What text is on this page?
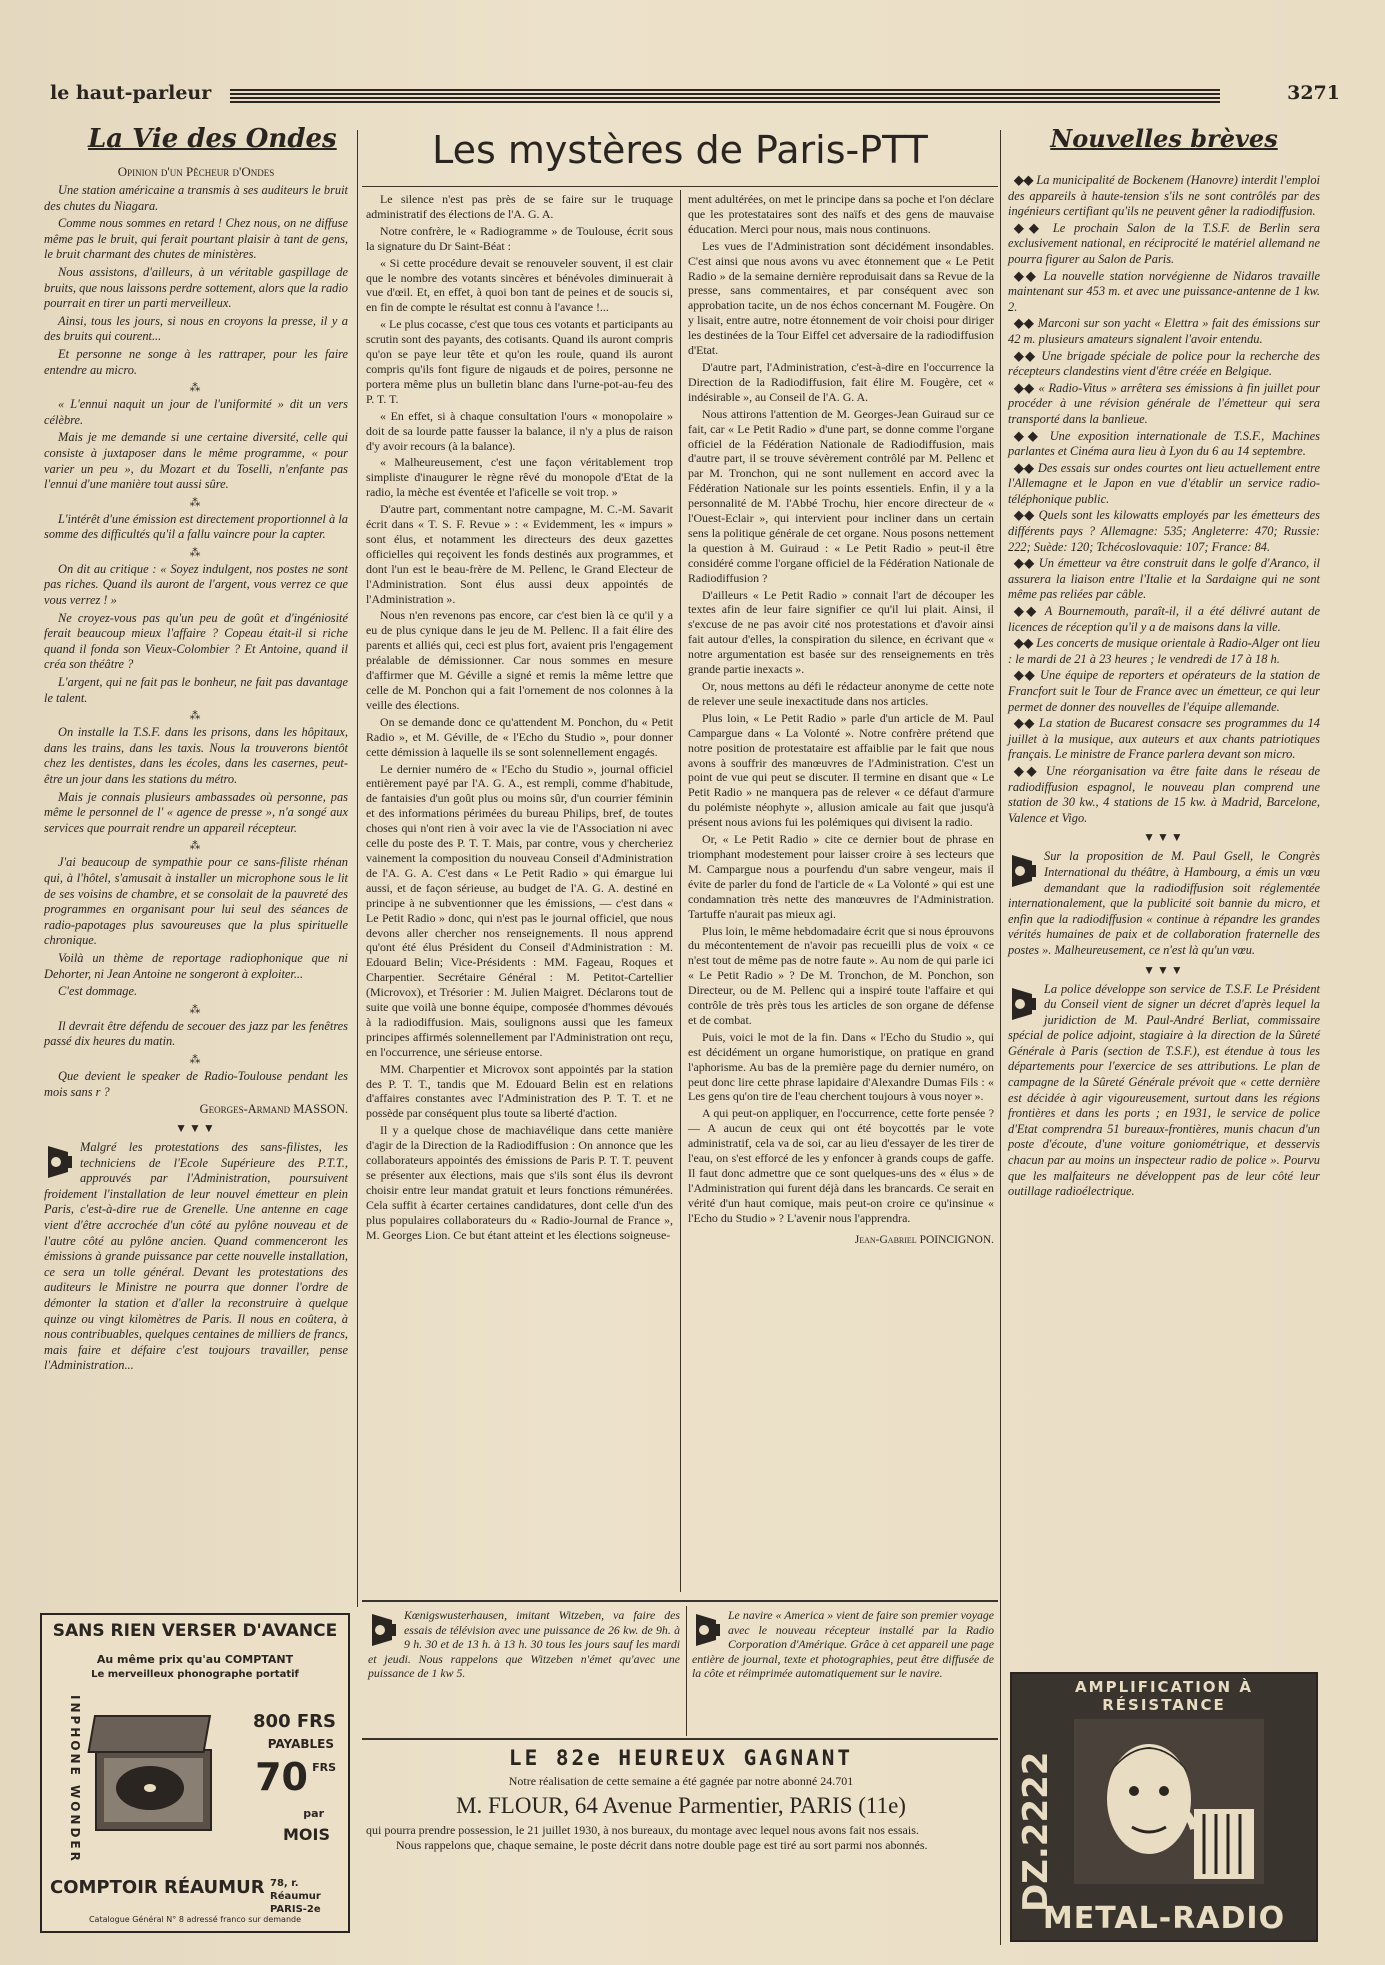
le haut-parleur	3271
La Vie des Ondes
Opinion d'un Pêcheur d'Ondes

Une station américaine a transmis à ses auditeurs le bruit des chutes du Niagara.

Comme nous sommes en retard ! Chez nous, on ne diffuse même pas le bruit, qui ferait pourtant plaisir à tant de gens, le bruit charmant des chutes de ministères.

Nous assistons, d'ailleurs, à un véritable gaspillage de bruits, que nous laissons perdre sottement, alors que la radio pourrait en tirer un parti merveilleux.

Ainsi, tous les jours, si nous en croyons la presse, il y a des bruits qui courent...

Et personne ne songe à les rattraper, pour les faire entendre au micro.

⁂

« L'ennui naquit un jour de l'uniformité » dit un vers célèbre.

Mais je me demande si une certaine diversité, celle qui consiste à juxtaposer dans le même programme, « pour varier un peu », du Mozart et du Toselli, n'enfante pas l'ennui d'une manière tout aussi sûre.

⁂

L'intérêt d'une émission est directement proportionnel à la somme des difficultés qu'il a fallu vaincre pour la capter.

⁂

On dit au critique : « Soyez indulgent, nos postes ne sont pas riches. Quand ils auront de l'argent, vous verrez ce que vous verrez ! »

Ne croyez-vous pas qu'un peu de goût et d'ingéniosité ferait beaucoup mieux l'affaire ? Copeau était-il si riche quand il fonda son Vieux-Colombier ? Et Antoine, quand il créa son théâtre ?

L'argent, qui ne fait pas le bonheur, ne fait pas davantage le talent.

⁂

On installe la T.S.F. dans les prisons, dans les hôpitaux, dans les trains, dans les taxis. Nous la trouverons bientôt chez les dentistes, dans les écoles, dans les casernes, peut-être un jour dans les stations du métro.

Mais je connais plusieurs ambassades où personne, pas même le personnel de l' « agence de presse », n'a songé aux services que pourrait rendre un appareil récepteur.

⁂

J'ai beaucoup de sympathie pour ce sans-filiste rhénan qui, à l'hôtel, s'amusait à installer un microphone sous le lit de ses voisins de chambre, et se consolait de la pauvreté des programmes en organisant pour lui seul des séances de radio-papotages plus savoureuses que la plus spirituelle chronique.

Voilà un thème de reportage radiophonique que ni Dehorter, ni Jean Antoine ne songeront à exploiter...

C'est dommage.

⁂

Il devrait être défendu de secouer des jazz par les fenêtres passé dix heures du matin.

⁂

Que devient le speaker de Radio-Toulouse pendant les mois sans r ?

Georges-Armand MASSON.
▼▼▼

Malgré les protestations des sans-filistes, les techniciens de l'Ecole Supérieure des P.T.T., approuvés par l'Administration, poursuivent froidement l'installation de leur nouvel émetteur en plein Paris, c'est-à-dire rue de Grenelle. Une antenne en cage vient d'être accrochée d'un côté au pylône nouveau et de l'autre côté au pylône ancien. Quand commenceront les émissions à grande puissance par cette nouvelle installation, ce sera un tolle général. Devant les protestations des auditeurs le Ministre ne pourra que donner l'ordre de démonter la station et d'aller la reconstruire à quelque quinze ou vingt kilomètres de Paris. Il nous en coûtera, à nous contribuables, quelques centaines de milliers de francs, mais faire et défaire c'est toujours travailler, pense l'Administration...

SANS RIEN VERSER D'AVANCE
Au même prix qu'au COMPTANT
Le merveilleux phonographe portatif
INPHONE WONDER	800 FRS
PAYABLES
70 FRS
par
MOIS
COMPTOIR RÉAUMUR 78, r. Réaumur PARIS-2e
Catalogue Général N° 8 adressé franco sur demande
Les mystères de Paris-PTT

Le silence n'est pas près de se faire sur le truquage administratif des élections de l'A. G. A.

Notre confrère, le « Radiogramme » de Toulouse, écrit sous la signature du Dr Saint-Béat :

« Si cette procédure devait se renouveler souvent, il est clair que le nombre des votants sincères et bénévoles diminuerait à vue d'œil. Et, en effet, à quoi bon tant de peines et de soucis si, en fin de compte le résultat est connu à l'avance !...

« Le plus cocasse, c'est que tous ces votants et participants au scrutin sont des payants, des cotisants. Quand ils auront compris qu'on se paye leur tête et qu'on les roule, quand ils auront compris qu'ils font figure de nigauds et de poires, personne ne portera même plus un bulletin blanc dans l'urne-pot-au-feu des P. T. T.

« En effet, si à chaque consultation l'ours « monopolaire » doit de sa lourde patte fausser la balance, il n'y a plus de raison d'y avoir recours (à la balance).

« Malheureusement, c'est une façon véritablement trop simpliste d'inaugurer le règne rêvé du monopole d'Etat de la radio, la mèche est éventée et l'aficelle se voit trop. »

D'autre part, commentant notre campagne, M. C.-M. Savarit écrit dans « T. S. F. Revue » : « Evidemment, les « impurs » sont élus, et notamment les directeurs des deux gazettes officielles qui reçoivent les fonds destinés aux programmes, et dont l'un est le beau-frère de M. Pellenc, le Grand Electeur de l'Administration. Sont élus aussi deux appointés de l'Administration ».

Nous n'en revenons pas encore, car c'est bien là ce qu'il y a eu de plus cynique dans le jeu de M. Pellenc. Il a fait élire des parents et alliés qui, ceci est plus fort, avaient pris l'engagement préalable de démissionner. Car nous sommes en mesure d'affirmer que M. Géville a signé et remis la même lettre que celle de M. Ponchon qui a fait l'ornement de nos colonnes à la veille des élections.

On se demande donc ce qu'attendent M. Ponchon, du « Petit Radio », et M. Géville, de « l'Echo du Studio », pour donner cette démission à laquelle ils se sont solennellement engagés.

Le dernier numéro de « l'Echo du Studio », journal officiel entièrement payé par l'A. G. A., est rempli, comme d'habitude, de fantaisies d'un goût plus ou moins sûr, d'un courrier féminin et des informations périmées du bureau Philips, bref, de toutes choses qui n'ont rien à voir avec la vie de l'Association ni avec celle du poste des P. T. T. Mais, par contre, vous y chercheriez vainement la composition du nouveau Conseil d'Administration de l'A. G. A. C'est dans « Le Petit Radio » qui émargue lui aussi, et de façon sérieuse, au budget de l'A. G. A. destiné en principe à ne subventionner que les émissions, — c'est dans « Le Petit Radio » donc, qui n'est pas le journal officiel, que nous devons aller chercher nos renseignements. Il nous apprend qu'ont été élus Président du Conseil d'Administration : M. Edouard Belin; Vice-Présidents : MM. Fageau, Roques et Charpentier. Secrétaire Général : M. Petitot-Cartellier (Microvox), et Trésorier : M. Julien Maigret. Déclarons tout de suite que voilà une bonne équipe, composée d'hommes dévoués à la radiodiffusion. Mais, soulignons aussi que les fameux principes affirmés solennellement par l'Administration ont reçu, en l'occurrence, une sérieuse entorse.

MM. Charpentier et Microvox sont appointés par la station des P. T. T., tandis que M. Edouard Belin est en relations d'affaires constantes avec l'Administration des P. T. T. et ne possède par conséquent plus toute sa liberté d'action.

Il y a quelque chose de machiavélique dans cette manière d'agir de la Direction de la Radiodiffusion : On annonce que les collaborateurs appointés des émissions de Paris P. T. T. peuvent se présenter aux élections, mais que s'ils sont élus ils devront choisir entre leur mandat gratuit et leurs fonctions rémunérées. Cela suffit à écarter certaines candidatures, dont celle d'un des plus populaires collaborateurs du « Radio-Journal de France », M. Georges Lion. Ce but étant atteint et les élections soigneuse-

ment adultérées, on met le principe dans sa poche et l'on déclare que les protestataires sont des naïfs et des gens de mauvaise éducation. Merci pour nous, mais nous continuons.

Les vues de l'Administration sont décidément insondables. C'est ainsi que nous avons vu avec étonnement que « Le Petit Radio » de la semaine dernière reproduisait dans sa Revue de la presse, sans commentaires, et par conséquent avec son approbation tacite, un de nos échos concernant M. Fougère. On y lisait, entre autre, notre étonnement de voir choisi pour diriger les destinées de la Tour Eiffel cet adversaire de la radiodiffusion d'Etat.

D'autre part, l'Administration, c'est-à-dire en l'occurrence la Direction de la Radiodiffusion, fait élire M. Fougère, cet « indésirable », au Conseil de l'A. G. A.

Nous attirons l'attention de M. Georges-Jean Guiraud sur ce fait, car « Le Petit Radio » d'une part, se donne comme l'organe officiel de la Fédération Nationale de Radiodiffusion, mais d'autre part, il se trouve sévèrement contrôlé par M. Pellenc et par M. Tronchon, qui ne sont nullement en accord avec la Fédération Nationale sur les points essentiels. Enfin, il y a la personnalité de M. l'Abbé Trochu, hier encore directeur de « l'Ouest-Eclair », qui intervient pour incliner dans un certain sens la politique générale de cet organe. Nous posons nettement la question à M. Guiraud : « Le Petit Radio » peut-il être considéré comme l'organe officiel de la Fédération Nationale de Radiodiffusion ?

D'ailleurs « Le Petit Radio » connait l'art de découper les textes afin de leur faire signifier ce qu'il lui plait. Ainsi, il s'excuse de ne pas avoir cité nos protestations et d'avoir ainsi fait autour d'elles, la conspiration du silence, en écrivant que « notre argumentation est basée sur des renseignements en très grande partie inexacts ».

Or, nous mettons au défi le rédacteur anonyme de cette note de relever une seule inexactitude dans nos articles.

Plus loin, « Le Petit Radio » parle d'un article de M. Paul Campargue dans « La Volonté ». Notre confrère prétend que notre position de protestataire est affaiblie par le fait que nous avons à souffrir des manœuvres de l'Administration. C'est un point de vue qui peut se discuter. Il termine en disant que « Le Petit Radio » ne manquera pas de relever « ce défaut d'armure du polémiste néophyte », allusion amicale au fait que jusqu'à présent nous avions fui les polémiques qui divisent la radio.

Or, « Le Petit Radio » cite ce dernier bout de phrase en triomphant modestement pour laisser croire à ses lecteurs que M. Campargue nous a pourfendu d'un sabre vengeur, mais il évite de parler du fond de l'article de « La Volonté » qui est une condamnation très nette des manœuvres de l'Administration. Tartuffe n'aurait pas mieux agi.

Plus loin, le même hebdomadaire écrit que si nous éprouvons du mécontentement de n'avoir pas recueilli plus de voix « ce n'est tout de même pas de notre faute ». Au nom de qui parle ici « Le Petit Radio » ? De M. Tronchon, de M. Ponchon, son Directeur, ou de M. Pellenc qui a inspiré toute l'affaire et qui contrôle de très près tous les articles de son organe de défense et de combat.

Puis, voici le mot de la fin. Dans « l'Echo du Studio », qui est décidément un organe humoristique, on pratique en grand l'aphorisme. Au bas de la première page du dernier numéro, on peut donc lire cette phrase lapidaire d'Alexandre Dumas Fils : « Les gens qu'on tire de l'eau cherchent toujours à vous noyer ».

A qui peut-on appliquer, en l'occurrence, cette forte pensée ? — A aucun de ceux qui ont été boycottés par le vote administratif, cela va de soi, car au lieu d'essayer de les tirer de l'eau, on s'est efforcé de les y enfoncer à grands coups de gaffe. Il faut donc admettre que ce sont quelques-uns des « élus » de l'Administration qui furent déjà dans les brancards. Ce serait en vérité d'un haut comique, mais peut-on croire ce qu'insinue « l'Echo du Studio » ? L'avenir nous l'apprendra.

Jean-Gabriel POINCIGNON.

Kœnigswusterhausen, imitant Witzeben, va faire des essais de télévision avec une puissance de 26 kw. de 9h. à 9 h. 30 et de 13 h. à 13 h. 30 tous les jours sauf les mardi et jeudi. Nous rappelons que Witzeben n'émet qu'avec une puissance de 1 kw 5.

Le navire « America » vient de faire son premier voyage avec le nouveau récepteur installé par la Radio Corporation d'Amérique. Grâce à cet appareil une page entière de journal, texte et photographies, peut être diffusée de la côte et réimprimée automatiquement sur le navire.

LE 82e HEUREUX GAGNANT
Notre réalisation de cette semaine a été gagnée par notre abonné 24.701
M. FLOUR, 64 Avenue Parmentier, PARIS (11e)
qui pourra prendre possession, le 21 juillet 1930, à nos bureaux, du montage avec lequel nous avons fait nos essais.
Nous rappelons que, chaque semaine, le poste décrit dans notre double page est tiré au sort parmi nos abonnés.
Nouvelles brèves

◆◆ La municipalité de Bockenem (Hanovre) interdit l'emploi des appareils à haute-tension s'ils ne sont contrôlés par des ingénieurs certifiant qu'ils ne peuvent gêner la radiodiffusion.

◆◆ Le prochain Salon de la T.S.F. de Berlin sera exclusivement national, en réciprocité le matériel allemand ne pourra figurer au Salon de Paris.

◆◆ La nouvelle station norvégienne de Nidaros travaille maintenant sur 453 m. et avec une puissance-antenne de 1 kw. 2.

◆◆ Marconi sur son yacht « Elettra » fait des émissions sur 42 m. plusieurs amateurs signalent l'avoir entendu.

◆◆ Une brigade spéciale de police pour la recherche des récepteurs clandestins vient d'être créée en Belgique.

◆◆ « Radio-Vitus » arrêtera ses émissions à fin juillet pour procéder à une révision générale de l'émetteur qui sera transporté dans la banlieue.

◆◆ Une exposition internationale de T.S.F., Machines parlantes et Cinéma aura lieu à Lyon du 6 au 14 septembre.

◆◆ Des essais sur ondes courtes ont lieu actuellement entre l'Allemagne et le Japon en vue d'établir un service radio-téléphonique public.

◆◆ Quels sont les kilowatts employés par les émetteurs des différents pays ? Allemagne: 535; Angleterre: 470; Russie: 222; Suède: 120; Tchécoslovaquie: 107; France: 84.

◆◆ Un émetteur va être construit dans le golfe d'Aranco, il assurera la liaison entre l'Italie et la Sardaigne qui ne sont même pas reliées par câble.

◆◆ A Bournemouth, paraît-il, il a été délivré autant de licences de réception qu'il y a de maisons dans la ville.

◆◆ Les concerts de musique orientale à Radio-Alger ont lieu : le mardi de 21 à 23 heures ; le vendredi de 17 à 18 h.

◆◆ Une équipe de reporters et opérateurs de la station de Francfort suit le Tour de France avec un émetteur, ce qui leur permet de donner des nouvelles de l'équipe allemande.

◆◆ La station de Bucarest consacre ses programmes du 14 juillet à la musique, aux auteurs et aux chants patriotiques français. Le ministre de France parlera devant son micro.

◆◆ Une réorganisation va être faite dans le réseau de radiodiffusion espagnol, le nouveau plan comprend une station de 30 kw., 4 stations de 15 kw. à Madrid, Barcelone, Valence et Vigo.

▼▼▼

Sur la proposition de M. Paul Gsell, le Congrès International du théâtre, à Hambourg, a émis un vœu demandant que la radiodiffusion soit réglementée internationalement, que la publicité soit bannie du micro, et enfin que la radiodiffusion « continue à répandre les grandes vérités humaines de paix et de collaboration fraternelle des postes ». Malheureusement, ce n'est là qu'un vœu.

▼▼▼

La police développe son service de T.S.F. Le Président du Conseil vient de signer un décret d'après lequel la juridiction de M. Paul-André Berliat, commissaire spécial de police adjoint, stagiaire à la direction de la Sûreté Générale à Paris (section de T.S.F.), est étendue à tous les départements pour l'exercice de ses attributions. Le plan de campagne de la Sûreté Générale prévoit que « cette dernière est décidée à agir vigoureusement, surtout dans les régions frontières et dans les ports ; en 1931, le service de police d'Etat comprendra 51 bureaux-frontières, munis chacun d'un poste d'écoute, d'une voiture goniométrique, et desservis chacun par au moins un inspecteur radio de police ». Pourvu que les malfaiteurs ne développent pas de leur côté leur outillage radioélectrique.

AMPLIFICATION À RÉSISTANCE
DZ.2222
METAL-RADIO
